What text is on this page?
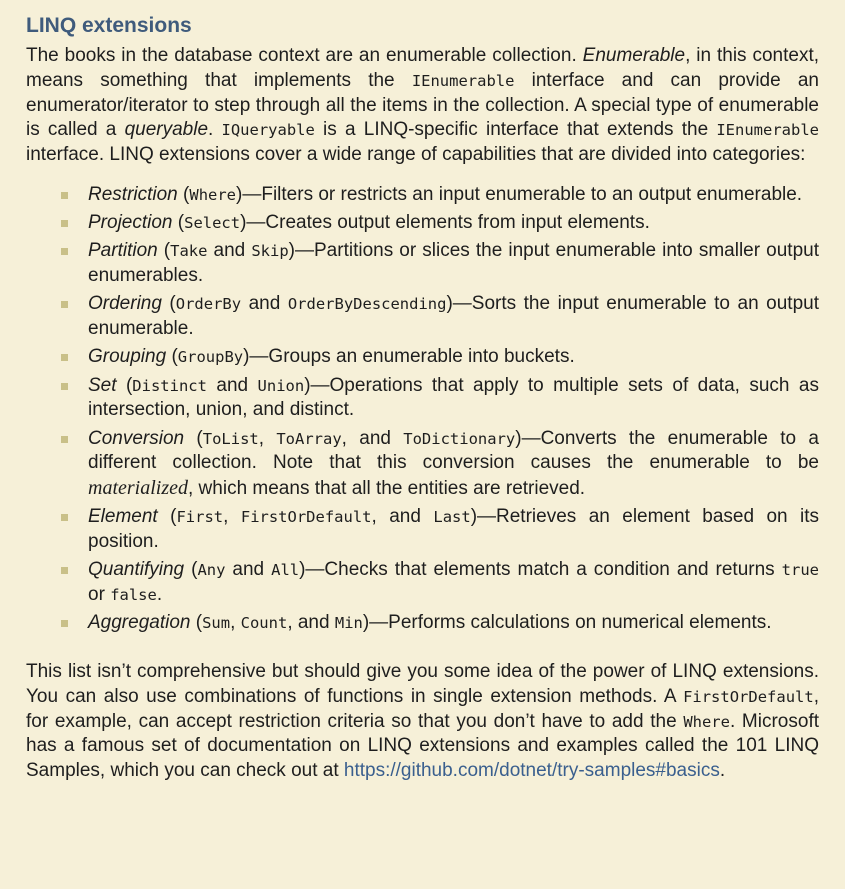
LINQ extensions

The books in the database context are an enumerable collection. Enumerable, in this context, means something that implements the IEnumerable interface and can provide an enumerator/iterator to step through all the items in the collection. A special type of enumerable is called a queryable. IQueryable is a LINQ-specific interface that extends the IEnumerable interface. LINQ extensions cover a wide range of capabilities that are divided into categories:

Restriction (Where)—Filters or restricts an input enumerable to an output enumerable.
Projection (Select)—Creates output elements from input elements.
Partition (Take and Skip)—Partitions or slices the input enumerable into smaller output enumerables.
Ordering (OrderBy and OrderByDescending)—Sorts the input enumerable to an output enumerable.
Grouping (GroupBy)—Groups an enumerable into buckets.
Set (Distinct and Union)—Operations that apply to multiple sets of data, such as intersection, union, and distinct.
Conversion (ToList, ToArray, and ToDictionary)—Converts the enumerable to a different collection. Note that this conversion causes the enumerable to be materialized, which means that all the entities are retrieved.
Element (First, FirstOrDefault, and Last)—Retrieves an element based on its position.
Quantifying (Any and All)—Checks that elements match a condition and returns true or false.
Aggregation (Sum, Count, and Min)—Performs calculations on numerical elements.

This list isn’t comprehensive but should give you some idea of the power of LINQ extensions. You can also use combinations of functions in single extension methods. A FirstOrDefault, for example, can accept restriction criteria so that you don’t have to add the Where. Microsoft has a famous set of documentation on LINQ extensions and examples called the 101 LINQ Samples, which you can check out at https://github.com/dotnet/try-samples#basics.
